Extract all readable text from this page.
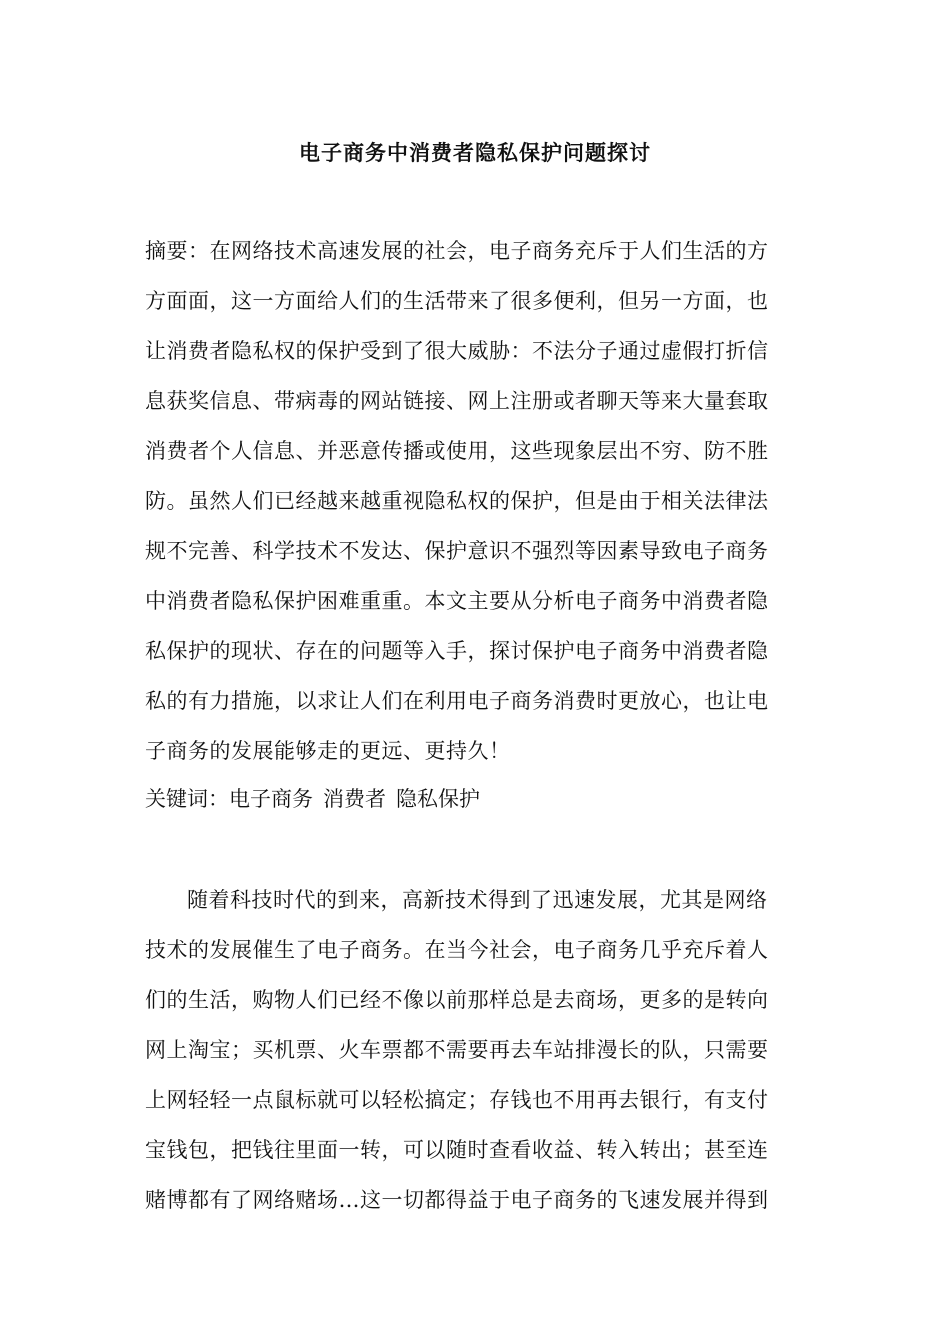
电子商务中消费者隐私保护问题探讨
摘要：在网络技术高速发展的社会，电子商务充斥于人们生活的方
方面面，这一方面给人们的生活带来了很多便利，但另一方面，也
让消费者隐私权的保护受到了很大威胁：不法分子通过虚假打折信
息获奖信息、带病毒的网站链接、网上注册或者聊天等来大量套取
消费者个人信息、并恶意传播或使用，这些现象层出不穷、防不胜
防。虽然人们已经越来越重视隐私权的保护，但是由于相关法律法
规不完善、科学技术不发达、保护意识不强烈等因素导致电子商务
中消费者隐私保护困难重重。本文主要从分析电子商务中消费者隐
私保护的现状、存在的问题等入手，探讨保护电子商务中消费者隐
私的有力措施，以求让人们在利用电子商务消费时更放心，也让电
子商务的发展能够走的更远、更持久！
关键词：电子商务 消费者 隐私保护
随着科技时代的到来，高新技术得到了迅速发展，尤其是网络
技术的发展催生了电子商务。在当今社会，电子商务几乎充斥着人
们的生活，购物人们已经不像以前那样总是去商场，更多的是转向
网上淘宝；买机票、火车票都不需要再去车站排漫长的队，只需要
上网轻轻一点鼠标就可以轻松搞定；存钱也不用再去银行，有支付
宝钱包，把钱往里面一转，可以随时查看收益、转入转出；甚至连
赌博都有了网络赌场…这一切都得益于电子商务的飞速发展并得到
